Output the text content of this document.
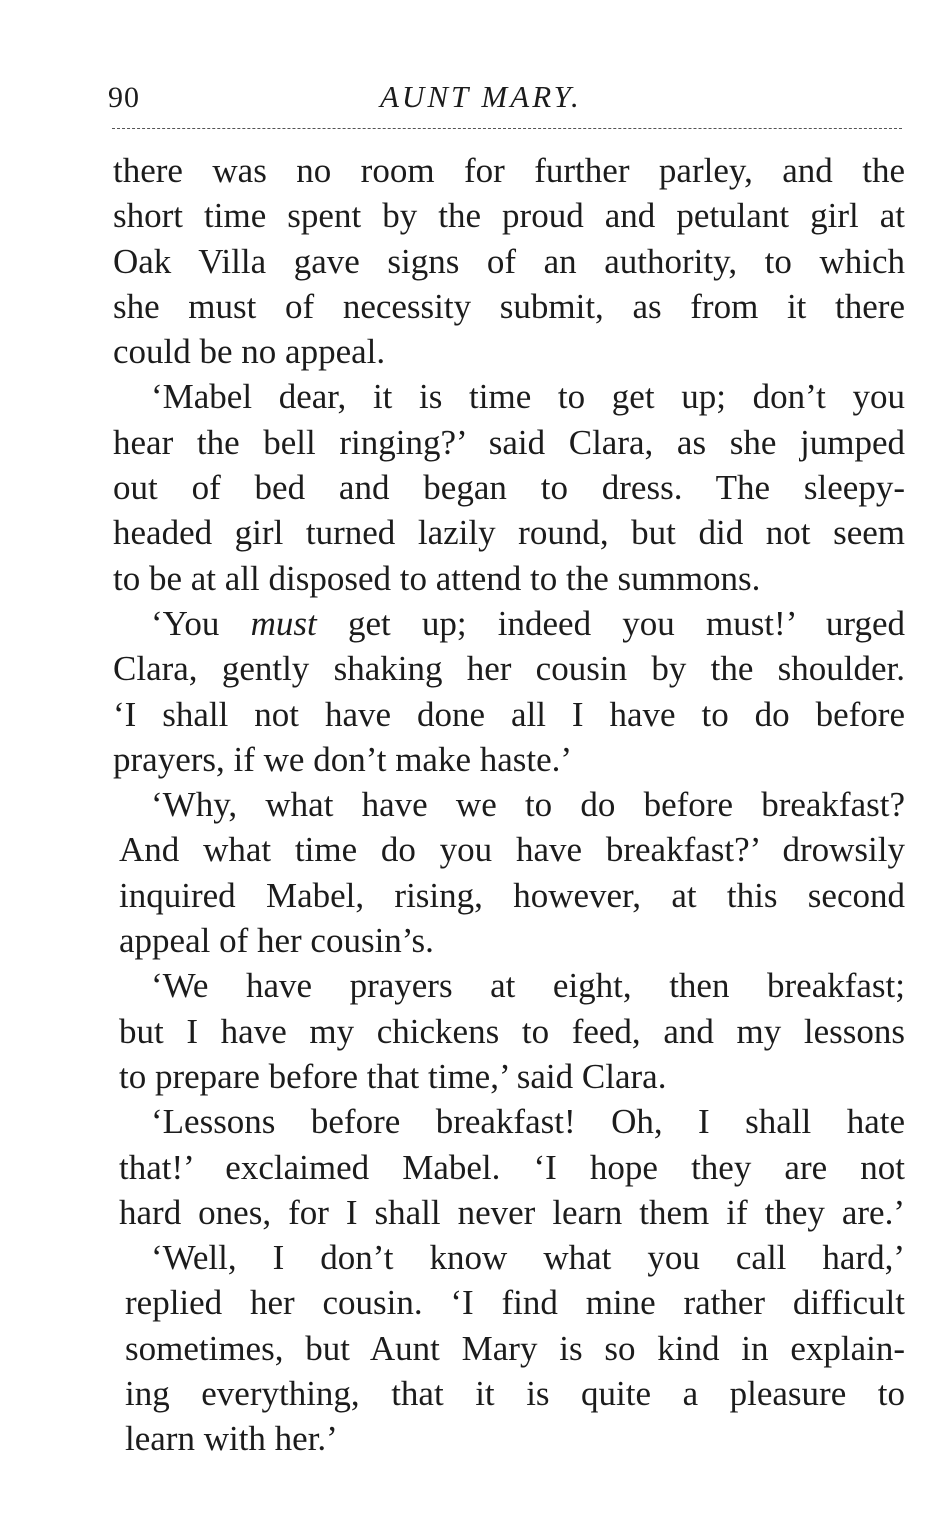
90	AUNT MARY.
there was no room for further parley, and the
short time spent by the proud and petulant girl at
Oak Villa gave signs of an authority, to which
she must of necessity submit, as from it there
could be no appeal.
‘Mabel dear, it is time to get up; don’t you
hear the bell ringing?’ said Clara, as she jumped
out of bed and began to dress. The sleepy-
headed girl turned lazily round, but did not seem
to be at all disposed to attend to the summons.
‘You must get up; indeed you must!’ urged
Clara, gently shaking her cousin by the shoulder.
‘I shall not have done all I have to do before
prayers, if we don’t make haste.’
‘Why, what have we to do before breakfast?
And what time do you have breakfast?’ drowsily
inquired Mabel, rising, however, at this second
appeal of her cousin’s.
‘We have prayers at eight, then breakfast;
but I have my chickens to feed, and my lessons
to prepare before that time,’ said Clara.
‘Lessons before breakfast! Oh, I shall hate
that!’ exclaimed Mabel. ‘I hope they are not
hard ones, for I shall never learn them if they are.’
‘Well, I don’t know what you call hard,’
replied her cousin. ‘I find mine rather difficult
sometimes, but Aunt Mary is so kind in explain-
ing everything, that it is quite a pleasure to
learn with her.’
